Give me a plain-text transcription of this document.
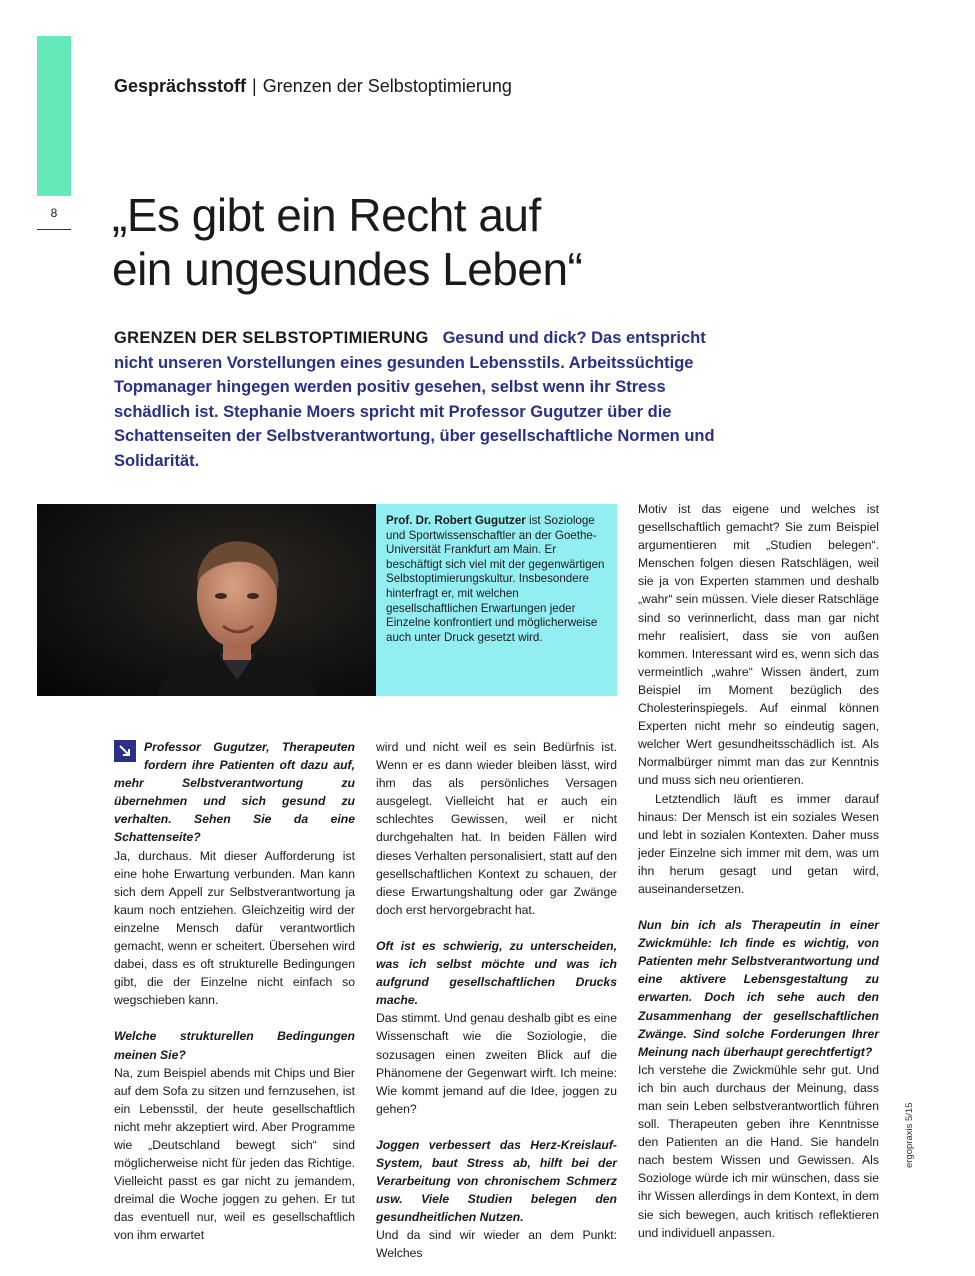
8
Gesprächsstoff | Grenzen der Selbstoptimierung
„Es gibt ein Recht auf
ein ungesundes Leben“

GRENZEN DER SELBSTOPTIMIERUNG Gesund und dick? Das entspricht nicht unseren Vorstellungen eines gesunden Lebensstils. Arbeitssüchtige Topmanager hingegen werden positiv gesehen, selbst wenn ihr Stress schädlich ist. Stephanie Moers spricht mit Professor Gugutzer über die Schattenseiten der Selbstverantwortung, über gesellschaftliche Normen und Solidarität.

Prof. Dr. Robert Gugutzer ist Soziologe und Sportwissenschaftler an der Goethe-Universität Frankfurt am Main. Er beschäftigt sich viel mit der gegenwärtigen Selbstoptimierungskultur. Insbesondere hinterfragt er, mit welchen gesellschaftlichen Erwartungen jeder Einzelne konfrontiert und möglicherweise auch unter Druck gesetzt wird.

Professor Gugutzer, Therapeuten fordern ihre Patienten oft dazu auf, mehr Selbstverantwortung zu übernehmen und sich gesund zu verhalten. Sehen Sie da eine Schattenseite?

Ja, durchaus. Mit dieser Aufforderung ist eine hohe Erwartung verbunden. Man kann sich dem Appell zur Selbstverantwortung ja kaum noch entziehen. Gleichzeitig wird der einzelne Mensch dafür verantwortlich gemacht, wenn er scheitert. Übersehen wird dabei, dass es oft strukturelle Bedingungen gibt, die der Einzelne nicht einfach so wegschieben kann.

Welche strukturellen Bedingungen meinen Sie?

Na, zum Beispiel abends mit Chips und Bier auf dem Sofa zu sitzen und fernzusehen, ist ein Lebensstil, der heute gesellschaftlich nicht mehr akzeptiert wird. Aber Programme wie „Deutschland bewegt sich“ sind möglicherweise nicht für jeden das Richtige. Vielleicht passt es gar nicht zu jemandem, dreimal die Woche joggen zu gehen. Er tut das eventuell nur, weil es gesellschaftlich von ihm erwartet

wird und nicht weil es sein Bedürfnis ist. Wenn er es dann wieder bleiben lässt, wird ihm das als persönliches Versagen ausgelegt. Vielleicht hat er auch ein schlechtes Gewissen, weil er nicht durchgehalten hat. In beiden Fällen wird dieses Verhalten personalisiert, statt auf den gesellschaftlichen Kontext zu schauen, der diese Erwartungshaltung oder gar Zwänge doch erst hervorgebracht hat.

Oft ist es schwierig, zu unterscheiden, was ich selbst möchte und was ich aufgrund gesellschaftlichen Drucks mache.

Das stimmt. Und genau deshalb gibt es eine Wissenschaft wie die Soziologie, die sozusagen einen zweiten Blick auf die Phänomene der Gegenwart wirft. Ich meine: Wie kommt jemand auf die Idee, joggen zu gehen?

Joggen verbessert das Herz-Kreislauf-System, baut Stress ab, hilft bei der Verarbeitung von chronischem Schmerz usw. Viele Studien belegen den gesundheitlichen Nutzen.

Und da sind wir wieder an dem Punkt: Welches

Motiv ist das eigene und welches ist gesellschaftlich gemacht? Sie zum Beispiel argumentieren mit „Studien belegen“. Menschen folgen diesen Ratschlägen, weil sie ja von Experten stammen und deshalb „wahr“ sein müssen. Viele dieser Ratschläge sind so verinnerlicht, dass man gar nicht mehr realisiert, dass sie von außen kommen. Interessant wird es, wenn sich das vermeintlich „wahre“ Wissen ändert, zum Beispiel im Moment bezüglich des Cholesterinspiegels. Auf einmal können Experten nicht mehr so eindeutig sagen, welcher Wert gesundheitsschädlich ist. Als Normalbürger nimmt man das zur Kenntnis und muss sich neu orientieren.

Letztendlich läuft es immer darauf hinaus: Der Mensch ist ein soziales Wesen und lebt in sozialen Kontexten. Daher muss jeder Einzelne sich immer mit dem, was um ihn herum gesagt und getan wird, auseinandersetzen.

Nun bin ich als Therapeutin in einer Zwickmühle: Ich finde es wichtig, von Patienten mehr Selbstverantwortung und eine aktivere Lebensgestaltung zu erwarten. Doch ich sehe auch den Zusammenhang der gesellschaftlichen Zwänge. Sind solche Forderungen Ihrer Meinung nach überhaupt gerechtfertigt?

Ich verstehe die Zwickmühle sehr gut. Und ich bin auch durchaus der Meinung, dass man sein Leben selbstverantwortlich führen soll. Therapeuten geben ihre Kenntnisse den Patienten an die Hand. Sie handeln nach bestem Wissen und Gewissen. Als Soziologe würde ich mir wünschen, dass sie ihr Wissen allerdings in dem Kontext, in dem sie sich bewegen, auch kritisch reflektieren und individuell anpassen.

ergopraxis 5/15
